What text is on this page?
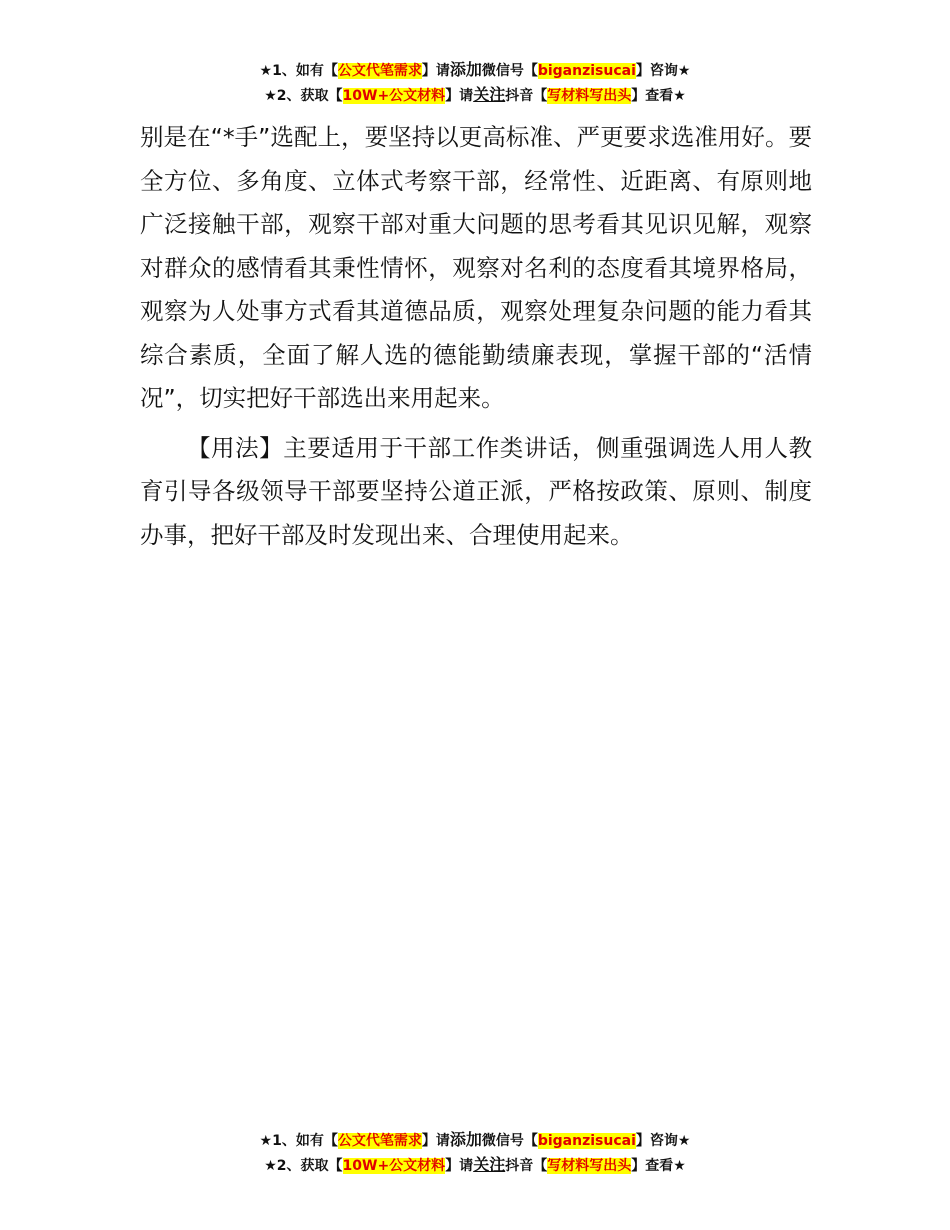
★1、如有【公文代笔需求】请添加微信号【biganzisucai】咨询★
★2、获取【10W+公文材料】请关注抖音【写材料写出头】查看★

别是在“*手”选配上，要坚持以更高标准、严更要求选准用好。要全方位、多角度、立体式考察干部，经常性、近距离、有原则地广泛接触干部，观察干部对重大问题的思考看其见识见解，观察对群众的感情看其秉性情怀，观察对名利的态度看其境界格局，观察为人处事方式看其道德品质，观察处理复杂问题的能力看其综合素质，全面了解人选的德能勤绩廉表现，掌握干部的“活情况”，切实把好干部选出来用起来。

【用法】主要适用于干部工作类讲话，侧重强调选人用人教育引导各级领导干部要坚持公道正派，严格按政策、原则、制度办事，把好干部及时发现出来、合理使用起来。

★1、如有【公文代笔需求】请添加微信号【biganzisucai】咨询★
★2、获取【10W+公文材料】请关注抖音【写材料写出头】查看★
